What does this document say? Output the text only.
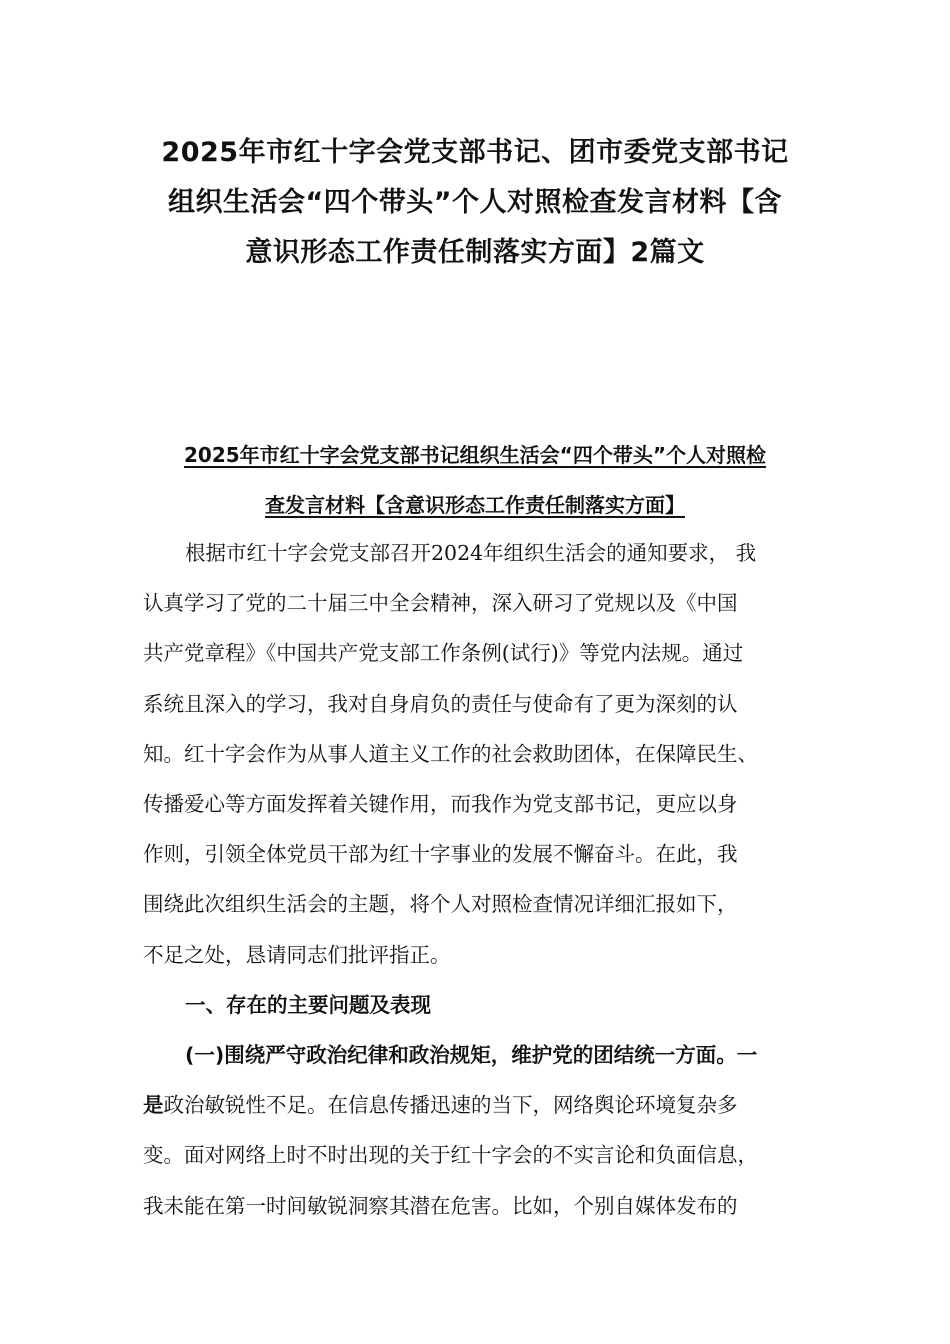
2025年市红十字会党支部书记、团市委党支部书记
组织生活会“四个带头”个人对照检查发言材料【含
意识形态工作责任制落实方面】2篇文
2025年市红十字会党支部书记组织生活会“四个带头”个人对照检
查发言材料【含意识形态工作责任制落实方面】
根据市红十字会党支部召开2024年组织生活会的通知要求， 我
认真学习了党的二十届三中全会精神，深入研习了党规以及《中国
共产党章程》《中国共产党支部工作条例(试行)》等党内法规。通过
系统且深入的学习，我对自身肩负的责任与使命有了更为深刻的认
知。红十字会作为从事人道主义工作的社会救助团体，在保障民生、
传播爱心等方面发挥着关键作用，而我作为党支部书记，更应以身
作则，引领全体党员干部为红十字事业的发展不懈奋斗。在此，我
围绕此次组织生活会的主题，将个人对照检查情况详细汇报如下，
不足之处，恳请同志们批评指正。
一、存在的主要问题及表现
(一)围绕严守政治纪律和政治规矩，维护党的团结统一方面。一
是政治敏锐性不足。在信息传播迅速的当下，网络舆论环境复杂多
变。面对网络上时不时出现的关于红十字会的不实言论和负面信息，
我未能在第一时间敏锐洞察其潜在危害。比如，个别自媒体发布的
